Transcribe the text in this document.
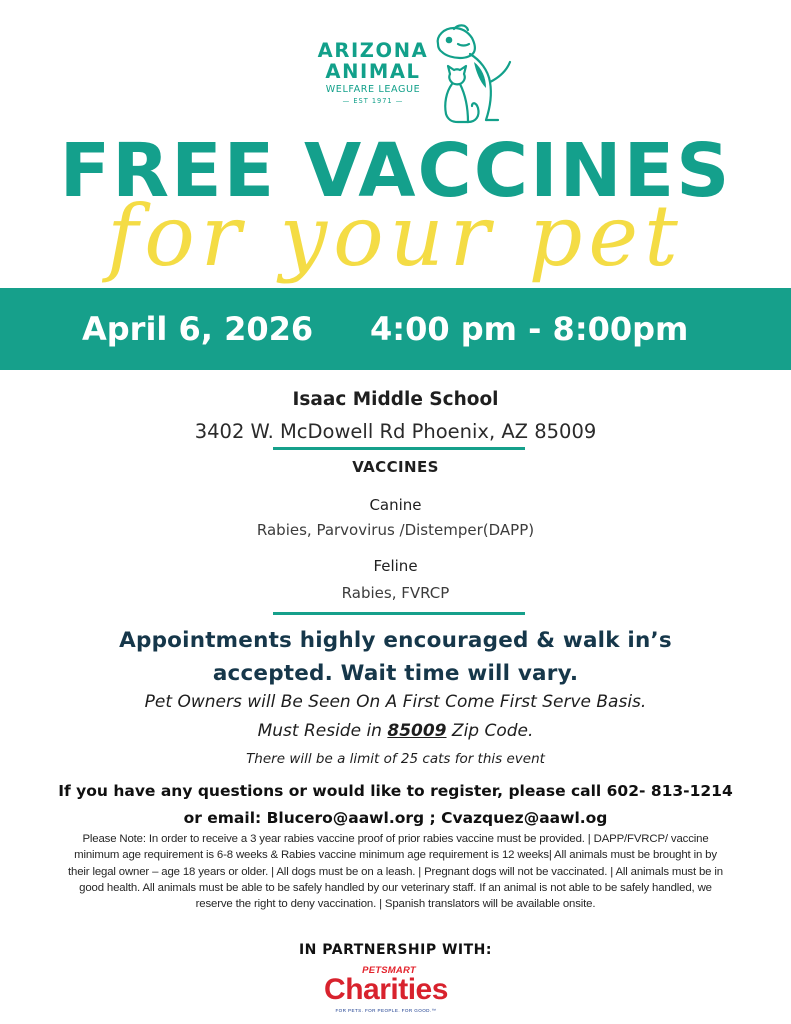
ARIZONA
ANIMAL
WELFARE LEAGUE
— EST 1971 —
FREE VACCINES
for your pet
April 6, 2026 4:00 pm - 8:00pm
Isaac Middle School
3402 W. McDowell Rd Phoenix, AZ 85009
VACCINES
Canine
Rabies, Parvovirus /Distemper(DAPP)
Feline
Rabies, FVRCP
Appointments highly encouraged & walk in’s
accepted. Wait time will vary.
Pet Owners will Be Seen On A First Come First Serve Basis.
Must Reside in 85009 Zip Code.
There will be a limit of 25 cats for this event
If you have any questions or would like to register, please call 602- 813-1214
or email: Blucero@aawl.org ; Cvazquez@aawl.og
Please Note: In order to receive a 3 year rabies vaccine proof of prior rabies vaccine must be provided. | DAPP/FVRCP/ vaccine minimum age requirement is 6-8 weeks & Rabies vaccine minimum age requirement is 12 weeks| All animals must be brought in by their legal owner – age 18 years or older. | All dogs must be on a leash. | Pregnant dogs will not be vaccinated. | All animals must be in good health. All animals must be able to be safely handled by our veterinary staff. If an animal is not able to be safely handled, we reserve the right to deny vaccination. | Spanish translators will be available onsite.
IN PARTNERSHIP WITH:
PETSMART
Charities
FOR PETS. FOR PEOPLE. FOR GOOD.™
